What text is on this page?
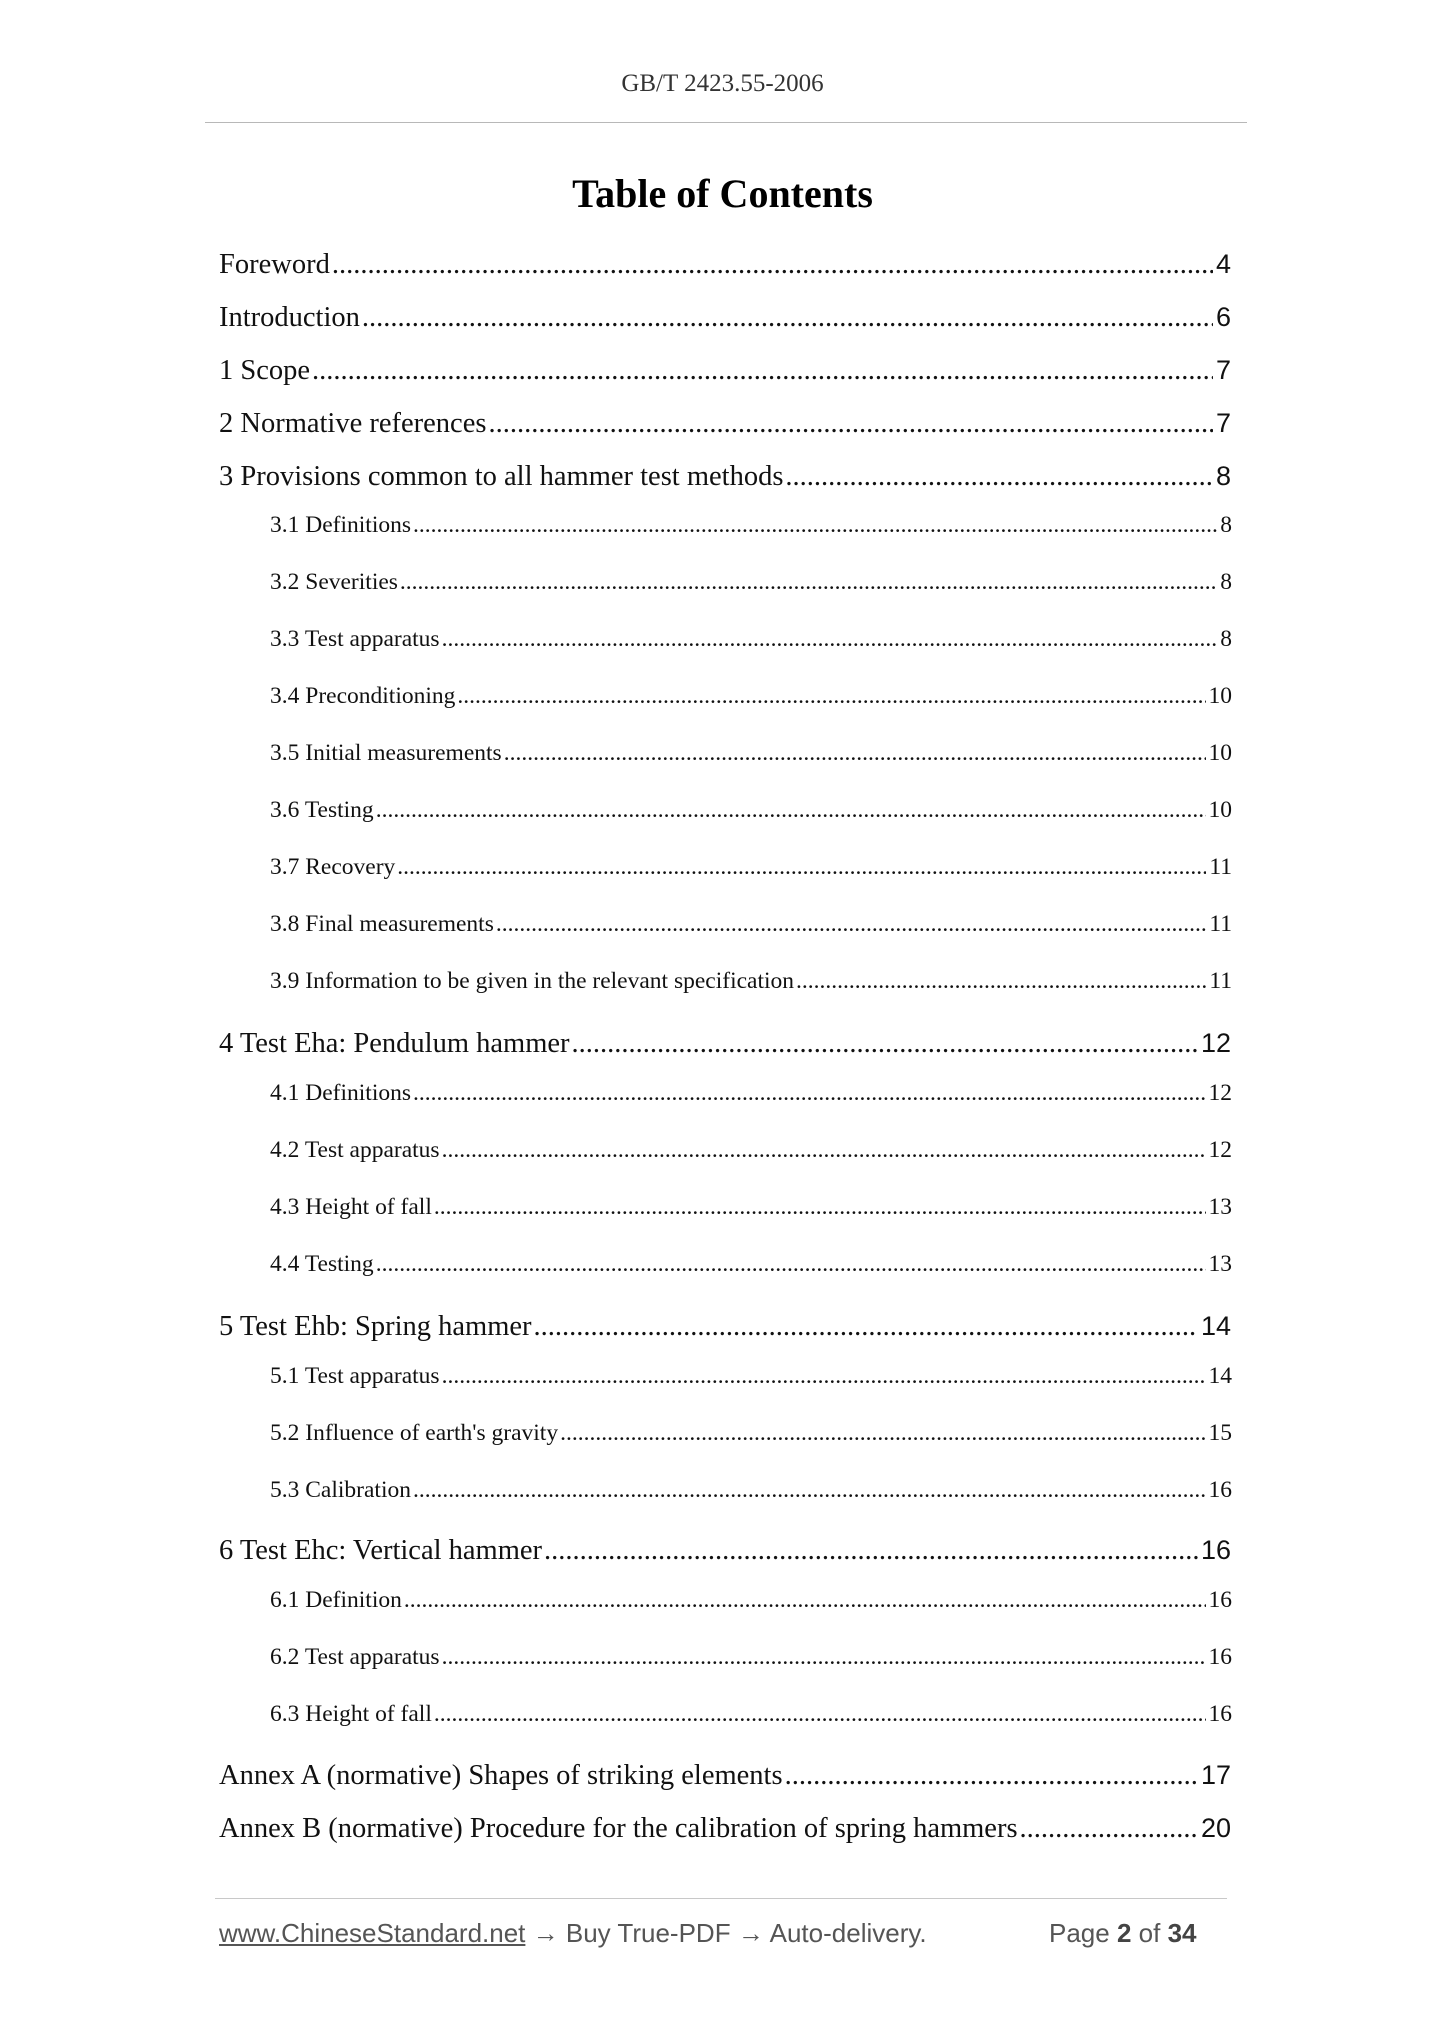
GB/T 2423.55-2006
Table of Contents
Foreword .....	4
Introduction .....	6
1 Scope .....	7
2 Normative references .....	7
3 Provisions common to all hammer test methods .....	8
3.1 Definitions .....	8
3.2 Severities .....	8
3.3 Test apparatus .....	8
3.4 Preconditioning .....	10
3.5 Initial measurements .....	10
3.6 Testing .....	10
3.7 Recovery .....	11
3.8 Final measurements .....	11
3.9 Information to be given in the relevant specification .....	11
4 Test Eha: Pendulum hammer .....	12
4.1 Definitions .....	12
4.2 Test apparatus .....	12
4.3 Height of fall .....	13
4.4 Testing .....	13
5 Test Ehb: Spring hammer .....	14
5.1 Test apparatus .....	14
5.2 Influence of earth's gravity .....	15
5.3 Calibration .....	16
6 Test Ehc: Vertical hammer .....	16
6.1 Definition .....	16
6.2 Test apparatus .....	16
6.3 Height of fall .....	16
Annex A (normative) Shapes of striking elements .....	17
Annex B (normative) Procedure for the calibration of spring hammers .....	20
www.ChineseStandard.net → Buy True-PDF → Auto-delivery.	Page 2 of 34
